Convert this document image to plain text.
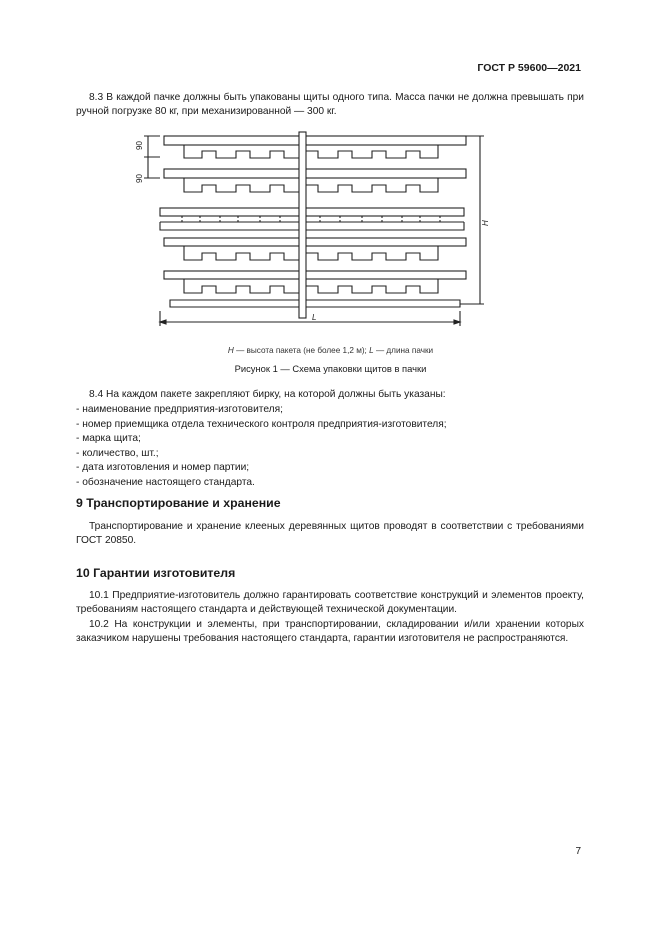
ГОСТ Р 59600—2021

8.3 В каждой пачке должны быть упакованы щиты одного типа. Масса пачки не должна превышать при ручной погрузке 80 кг, при механизированной — 300 кг.

90
90
H
L
H — высота пакета (не более 1,2 м); L — длина пачки
Рисунок 1 — Схема упаковки щитов в пачки

8.4 На каждом пакете закрепляют бирку, на которой должны быть указаны:

- наименование предприятия-изготовителя;
- номер приемщика отдела технического контроля предприятия-изготовителя;
- марка щита;
- количество, шт.;
- дата изготовления и номер партии;
- обозначение настоящего стандарта.
9 Транспортирование и хранение

Транспортирование и хранение клееных деревянных щитов проводят в соответствии с требованиями ГОСТ 20850.

10 Гарантии изготовителя

10.1 Предприятие-изготовитель должно гарантировать соответствие конструкций и элементов проекту, требованиям настоящего стандарта и действующей технической документации.

10.2 На конструкции и элементы, при транспортировании, складировании и/или хранении которых заказчиком нарушены требования настоящего стандарта, гарантии изготовителя не распространяются.

7
